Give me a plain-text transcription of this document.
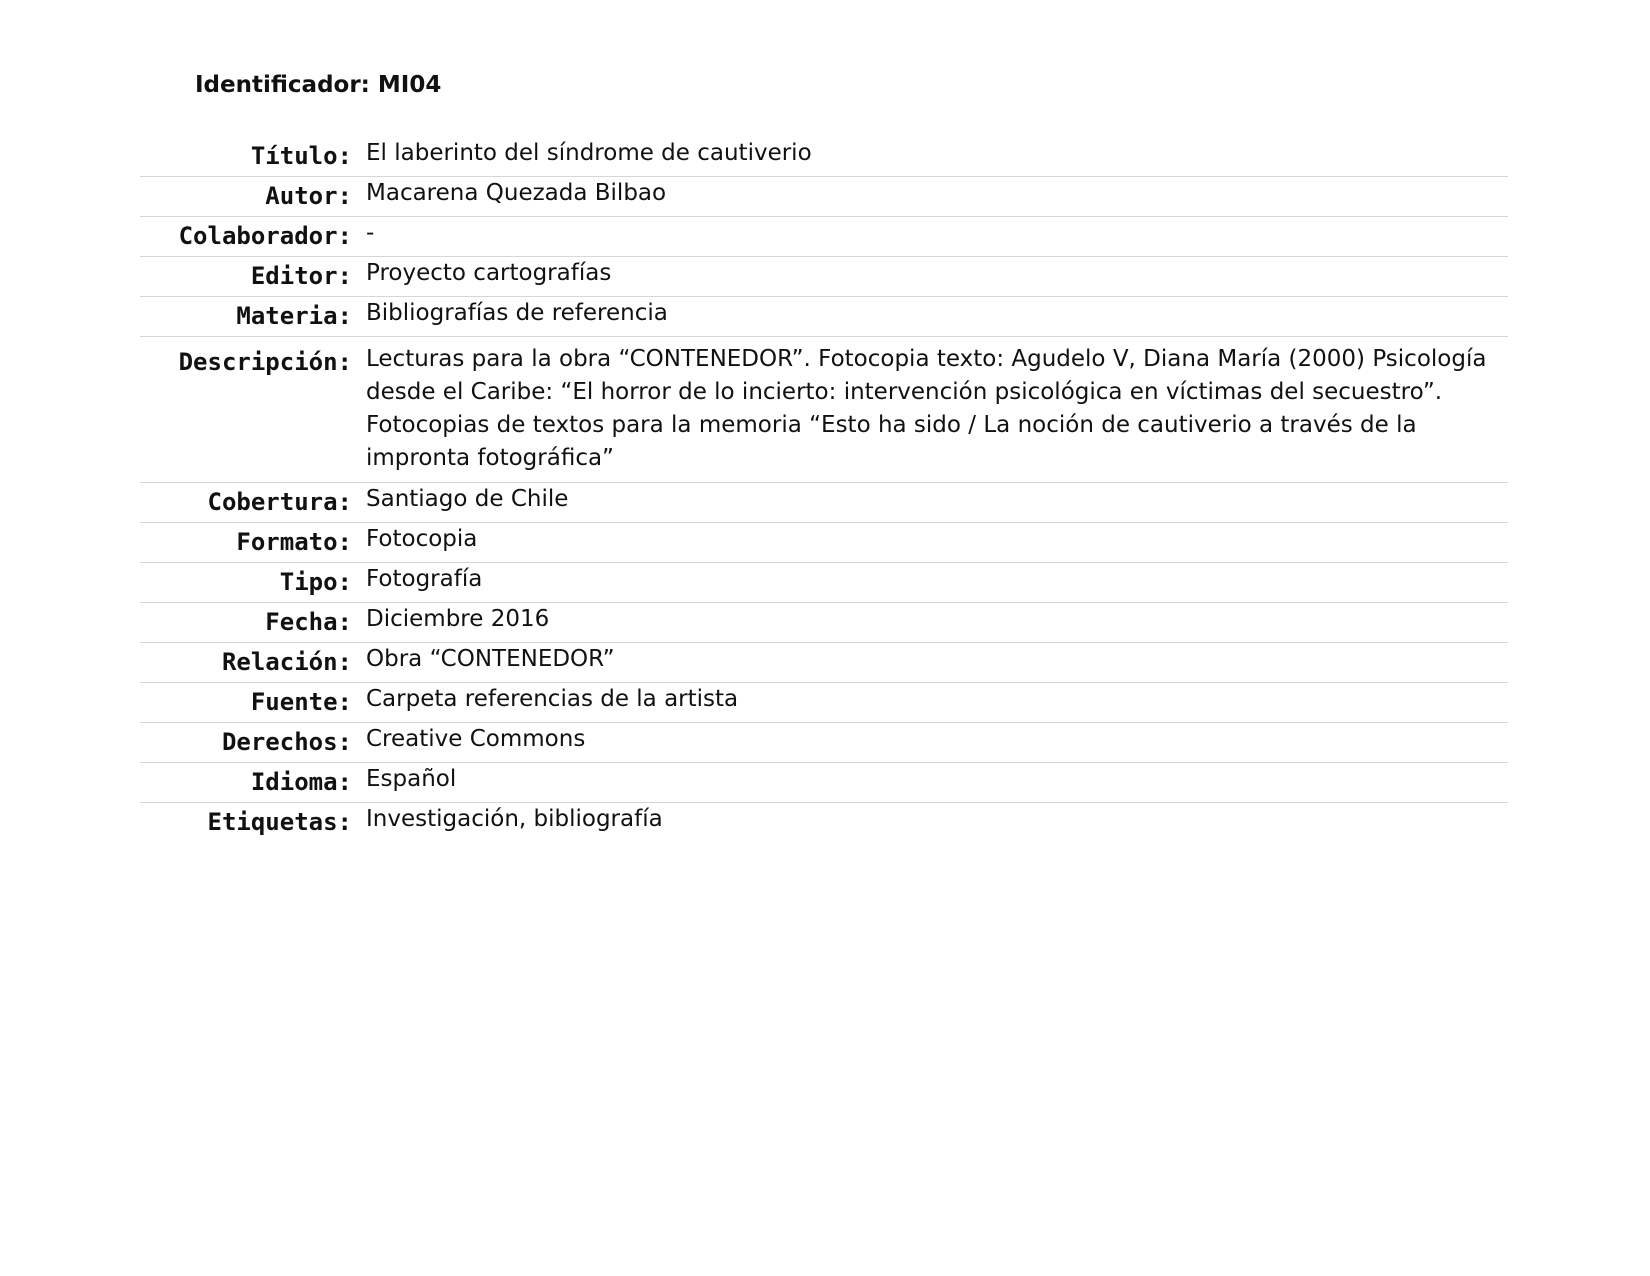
Identificador: MI04
Título: El laberinto del síndrome de cautiverio
Autor: Macarena Quezada Bilbao
Colaborador: -
Editor: Proyecto cartografías
Materia: Bibliografías de referencia
Descripción: Lecturas para la obra “CONTENEDOR”. Fotocopia texto: Agudelo V, Diana María (2000) Psicología desde el Caribe: “El horror de lo incierto: intervención psicológica en víctimas del secuestro”. Fotocopias de textos para la memoria “Esto ha sido / La noción de cautiverio a través de la impronta fotográfica”
Cobertura: Santiago de Chile
Formato: Fotocopia
Tipo: Fotografía
Fecha: Diciembre 2016
Relación: Obra “CONTENEDOR”
Fuente: Carpeta referencias de la artista
Derechos: Creative Commons
Idioma: Español
Etiquetas: Investigación, bibliografía
